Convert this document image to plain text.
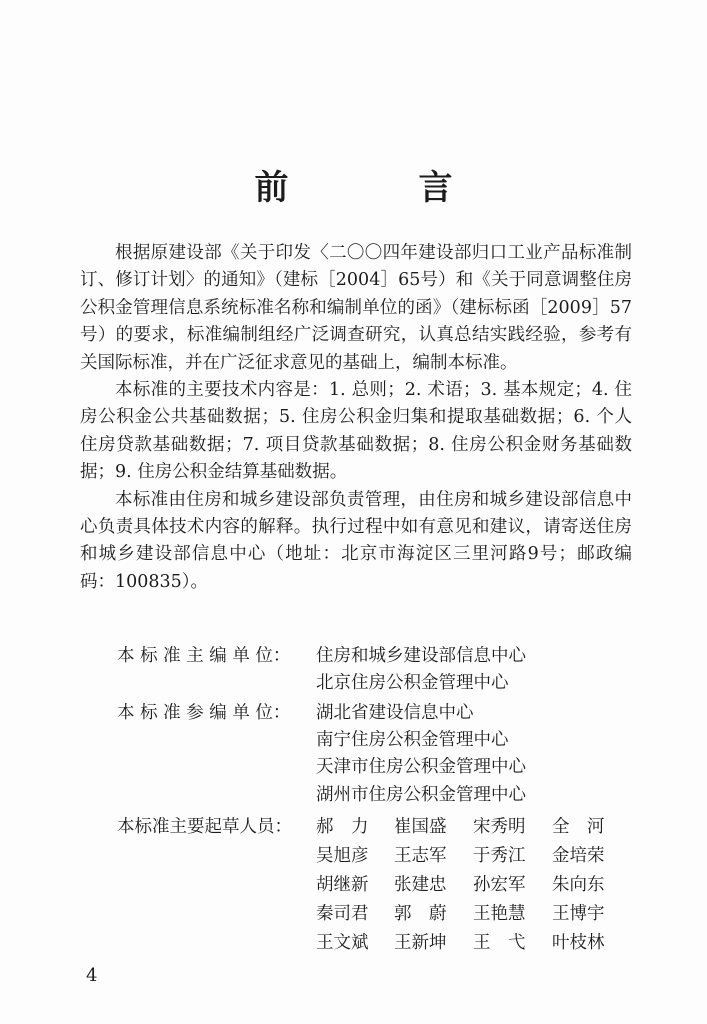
前　言

根据原建设部《关于印发〈二〇〇四年建设部归口工业产品标准制订、修订计划〉的通知》（建标［2004］65号）和《关于同意调整住房公积金管理信息系统标准名称和编制单位的函》（建标标函［2009］57号）的要求，标准编制组经广泛调查研究，认真总结实践经验，参考有关国际标准，并在广泛征求意见的基础上，编制本标准。

本标准的主要技术内容是：1. 总则；2. 术语；3. 基本规定；4. 住房公积金公共基础数据；5. 住房公积金归集和提取基础数据；6. 个人住房贷款基础数据；7. 项目贷款基础数据；8. 住房公积金财务基础数据；9. 住房公积金结算基础数据。

本标准由住房和城乡建设部负责管理，由住房和城乡建设部信息中心负责具体技术内容的解释。执行过程中如有意见和建议，请寄送住房和城乡建设部信息中心（地址：北京市海淀区三里河路9号；邮政编码：100835）。

本 标 准 主 编 单 位： 住房和城乡建设部信息中心
北京住房公积金管理中心
本 标 准 参 编 单 位： 湖北省建设信息中心
南宁住房公积金管理中心
天津市住房公积金管理中心
湖州市住房公积金管理中心
本标准主要起草人员： 郝　力 崔国盛 宋秀明 全　河
吴旭彦 王志军 于秀江 金培荣
胡继新 张建忠 孙宏军 朱向东
秦司君 郭　蔚 王艳慧 王博宇
王文斌 王新坤 王　弋 叶枝林
4
